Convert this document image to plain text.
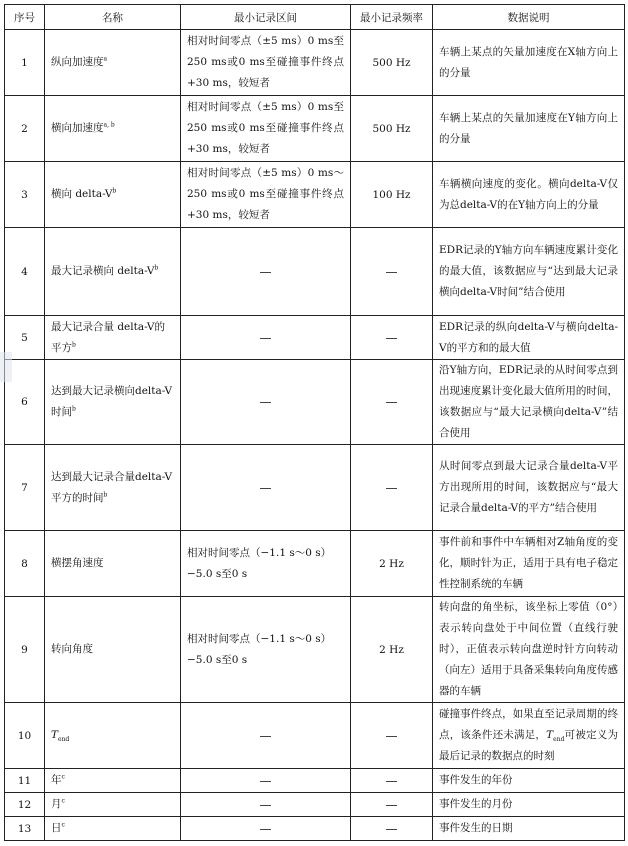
序号	名称	最小记录区间	最小记录频率	数据说明
1	纵向加速度$^a$	相对时间零点（±5 ms）0 ms至250 ms或0 ms至碰撞事件终点+30 ms，较短者	500 Hz	车辆上某点的矢量加速度在X轴方向上的分量
2	横向加速度$^{a, b}$	相对时间零点（±5 ms）0 ms至250 ms或0 ms至碰撞事件终点+30 ms，较短者	500 Hz	车辆上某点的矢量加速度在Y轴方向上的分量
3	横向 delta-$V^b$	相对时间零点（±5 ms）0 ms～250 ms或0 ms至碰撞事件终点+30 ms，较短者	100 Hz	车辆横向速度的变化。横向delta-V仅为总delta-V的在Y轴方向上的分量
4	最大记录横向 delta-$V^b$	—	—	EDR记录的Y轴方向车辆速度累计变化的最大值，该数据应与“达到最大记录横向delta-V时间”结合使用
5	最大记录合量 delta-V的平方$^b$	—	—	EDR记录的纵向delta-V与横向delta-V的平方和的最大值
6	达到最大记录横向delta-V时间$^b$	—	—	沿Y轴方向，EDR记录的从时间零点到出现速度累计变化最大值所用的时间，该数据应与“最大记录横向delta-V”结合使用
7	达到最大记录合量delta-V平方的时间$^b$	—	—	从时间零点到最大记录合量delta-V平方出现所用的时间，该数据应与“最大记录合量delta-V的平方”结合使用
8	横摆角速度	相对时间零点（−1.1 s～0 s）−5.0 s至0 s	2 Hz	事件前和事件中车辆相对Z轴角度的变化，顺时针为正，适用于具有电子稳定性控制系统的车辆
9	转向角度	相对时间零点（−1.1 s～0 s）−5.0 s至0 s	2 Hz	转向盘的角坐标，该坐标上零值（0°）表示转向盘处于中间位置（直线行驶时），正值表示转向盘逆时针方向转动（向左）适用于具备采集转向角度传感器的车辆
10	$T_{end}$	—	—	碰撞事件终点，如果直至记录周期的终点，该条件还未满足，$T_{end}$可被定义为最后记录的数据点的时刻
11	年$^c$	—	—	事件发生的年份
12	月$^c$	—	—	事件发生的月份
13	日$^c$	—	—	事件发生的日期
